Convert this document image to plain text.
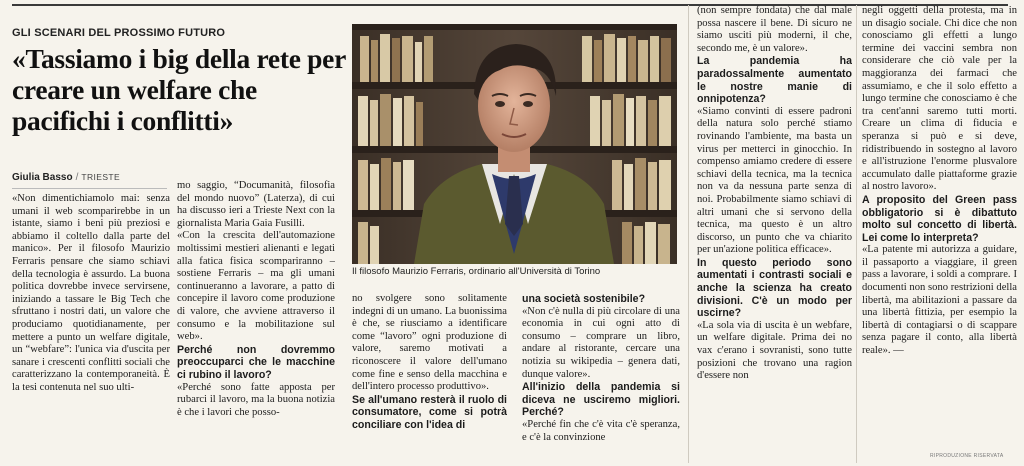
GLI SCENARI DEL PROSSIMO FUTURO
«Tassiamo i big della rete per creare un welfare che pacifichi i conflitti»
Giulia Basso / TRIESTE

«Non dimentichiamolo mai: senza umani il web scomparirebbe in un istante, siamo i beni più preziosi e abbiamo il coltello dalla parte del manico». Per il filosofo Maurizio Ferraris pensare che siamo schiavi della tecnologia è assurdo. La buona politica dovrebbe invece servirsene, iniziando a tassare le Big Tech che sfruttano i nostri dati, un valore che produciamo quotidianamente, per mettere a punto un welfare digitale, un “webfare”: l'unica via d'uscita per sanare i crescenti conflitti sociali che caratterizzano la contemporaneità. È la tesi contenuta nel suo ulti-

mo saggio, “Documanità, filosofia del mondo nuovo” (Laterza), di cui ha discusso ieri a Trieste Next con la giornalista Maria Gaia Fusilli.

«Con la crescita dell'automazione moltissimi mestieri alienanti e legati alla fatica fisica scompariranno – sostiene Ferraris – ma gli umani continueranno a lavorare, a patto di concepire il lavoro come produzione di valore, che avviene attraverso il consumo e la mobilitazione sul web».

Perché non dovremmo preoccuparci che le macchine ci rubino il lavoro?

«Perché sono fatte apposta per rubarci il lavoro, ma la buona notizia è che i lavori che posso-

Il filosofo Maurizio Ferraris, ordinario all'Università di Torino

no svolgere sono solitamente indegni di un umano. La buonissima è che, se riusciamo a identificare come “lavoro” ogni produzione di valore, saremo motivati a riconoscere il valore dell'umano come fine e senso della macchina e dell'intero processo produttivo».

Se all'umano resterà il ruolo di consumatore, come si potrà conciliare con l'idea di

una società sostenibile?

«Non c'è nulla di più circolare di una economia in cui ogni atto di consumo – comprare un libro, andare al ristorante, cercare una notizia su wikipedia – genera dati, dunque valore».

All'inizio della pandemia si diceva ne usciremo migliori. Perché?

«Perché fin che c'è vita c'è speranza, e c'è la convinzione

(non sempre fondata) che dal male possa nascere il bene. Di sicuro ne siamo usciti più moderni, il che, secondo me, è un valore».

La pandemia ha paradossalmente aumentato le nostre manie di onnipotenza?

«Siamo convinti di essere padroni della natura solo perché stiamo rovinando l'ambiente, ma basta un virus per metterci in ginocchio. In compenso amiamo credere di essere schiavi della tecnica, ma la tecnica non va da nessuna parte senza di noi. Probabilmente siamo schiavi di altri umani che si servono della tecnica, ma questo è un altro discorso, un punto che va chiarito per un'azione politica efficace».

In questo periodo sono aumentati i contrasti sociali e anche la scienza ha creato divisioni. C'è un modo per uscirne?

«La sola via di uscita è un webfare, un welfare digitale. Prima dei no vax c'erano i sovranisti, sono tutte posizioni che trovano una ragion d'essere non

negli oggetti della protesta, ma in un disagio sociale. Chi dice che non conosciamo gli effetti a lungo termine dei vaccini sembra non considerare che ciò vale per la maggioranza dei farmaci che assumiamo, e che il solo effetto a lungo termine che conosciamo è che tra cent'anni saremo tutti morti. Creare un clima di fiducia e speranza si può e si deve, ridistribuendo in sostegno al lavoro e all'istruzione l'enorme plusvalore accumulato dalle piattaforme grazie al nostro lavoro».

A proposito del Green pass obbligatorio si è dibattuto molto sul concetto di libertà. Lei come lo interpreta?

«La patente mi autorizza a guidare, il passaporto a viaggiare, il green pass a lavorare, i soldi a comprare. I documenti non sono restrizioni della libertà, ma abilitazioni a passare da una libertà fittizia, per esempio la libertà di contagiarsi o di scappare senza pagare il conto, alla libertà reale». —

RIPRODUZIONE RISERVATA
